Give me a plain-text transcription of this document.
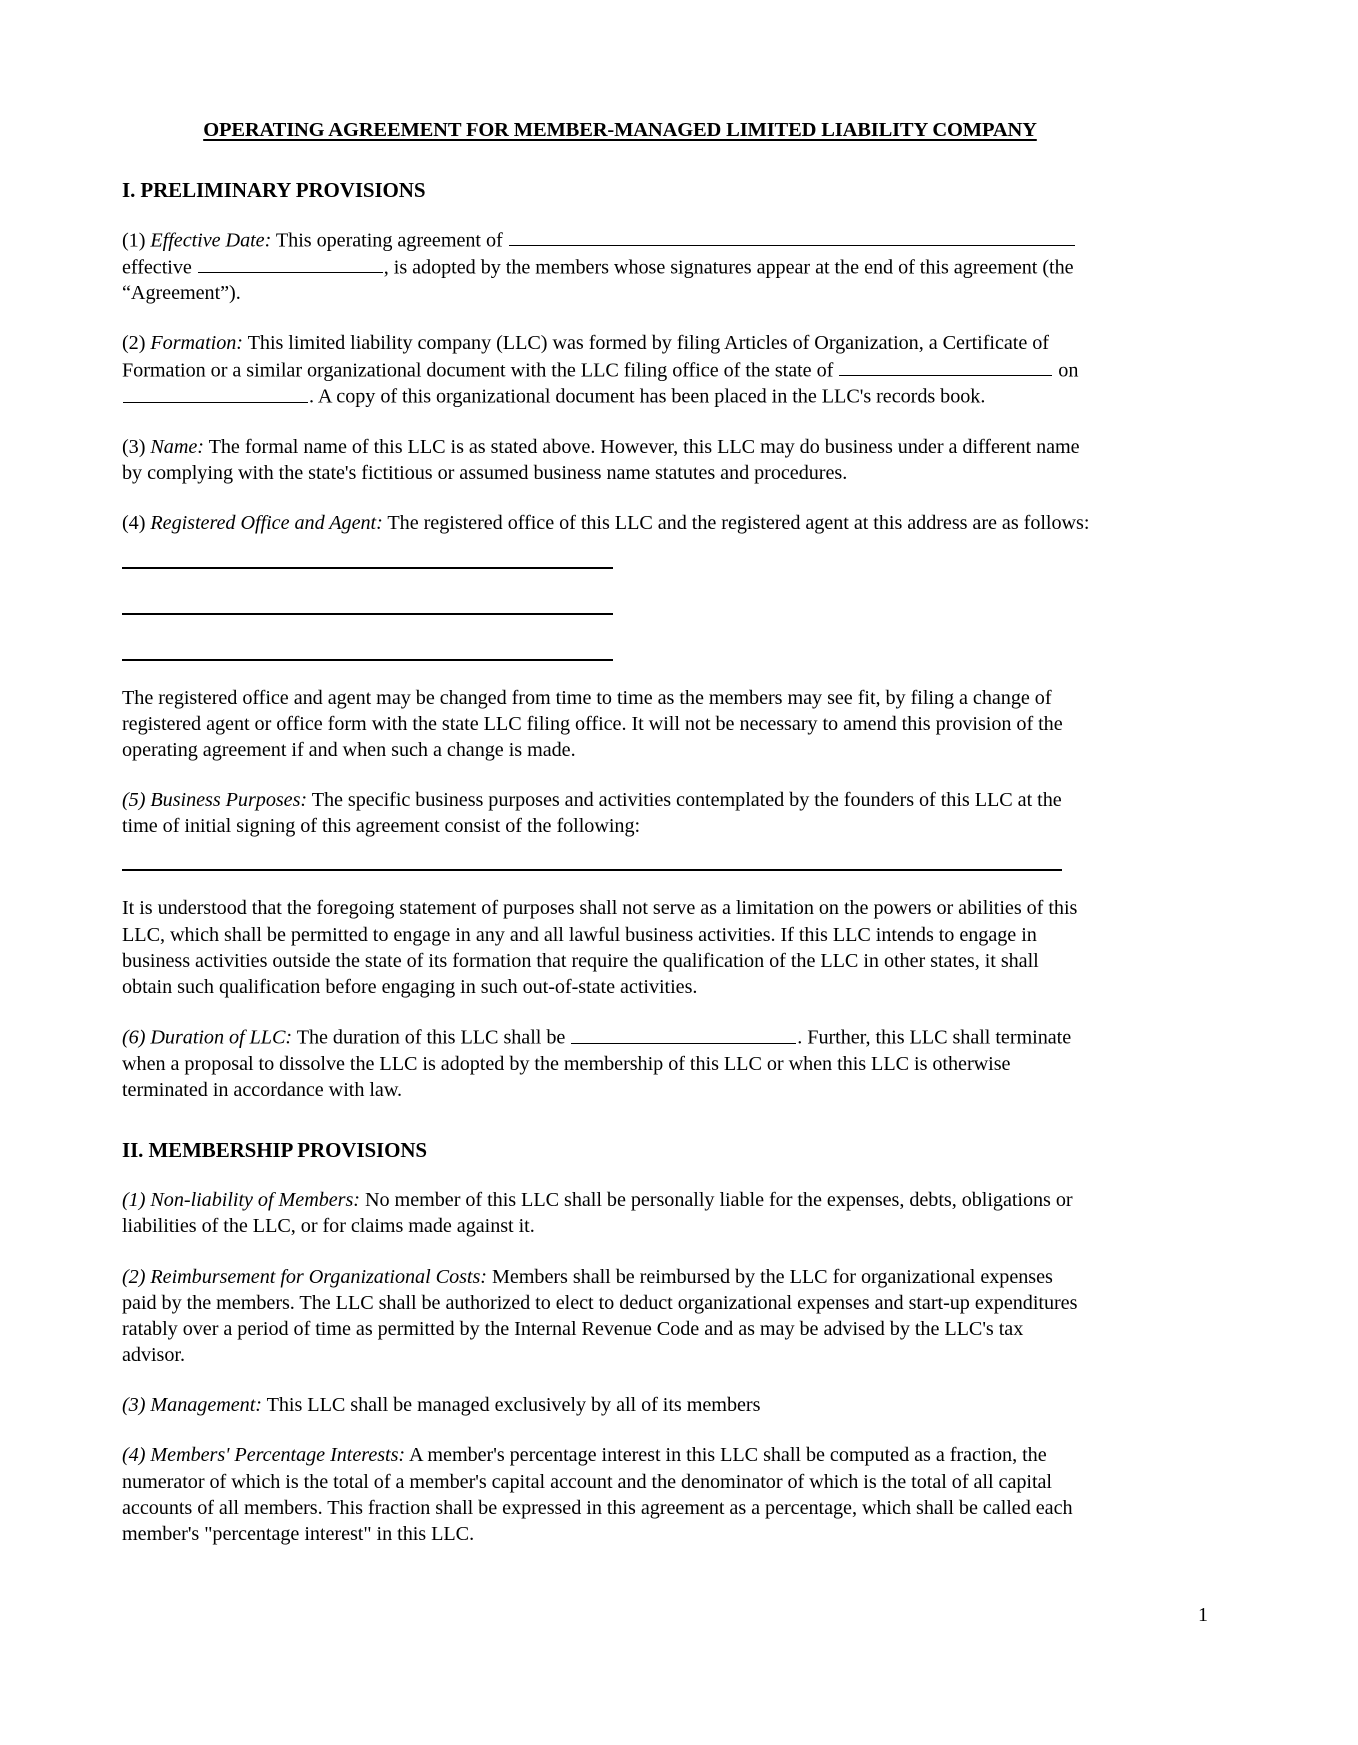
OPERATING AGREEMENT FOR MEMBER-MANAGED LIMITED LIABILITY COMPANY
I. PRELIMINARY PROVISIONS

(1) Effective Date: This operating agreement of
effective	, is adopted by the members whose signatures appear at the end of this agreement (the “Agreement”).

(2) Formation: This limited liability company (LLC) was formed by filing Articles of Organization, a Certificate of Formation or a similar organizational document with the LLC filing office of the state of	on
. A copy of this organizational document has been placed in the LLC's records book.

(3) Name: The formal name of this LLC is as stated above. However, this LLC may do business under a different name by complying with the state's fictitious or assumed business name statutes and procedures.

(4) Registered Office and Agent: The registered office of this LLC and the registered agent at this address are as follows:

The registered office and agent may be changed from time to time as the members may see fit, by filing a change of registered agent or office form with the state LLC filing office. It will not be necessary to amend this provision of the operating agreement if and when such a change is made.

(5) Business Purposes: The specific business purposes and activities contemplated by the founders of this LLC at the time of initial signing of this agreement consist of the following:

It is understood that the foregoing statement of purposes shall not serve as a limitation on the powers or abilities of this LLC, which shall be permitted to engage in any and all lawful business activities. If this LLC intends to engage in business activities outside the state of its formation that require the qualification of the LLC in other states, it shall obtain such qualification before engaging in such out-of-state activities.

(6) Duration of LLC: The duration of this LLC shall be	. Further, this LLC shall terminate when a proposal to dissolve the LLC is adopted by the membership of this LLC or when this LLC is otherwise terminated in accordance with law.

II. MEMBERSHIP PROVISIONS

(1) Non-liability of Members: No member of this LLC shall be personally liable for the expenses, debts, obligations or liabilities of the LLC, or for claims made against it.

(2) Reimbursement for Organizational Costs: Members shall be reimbursed by the LLC for organizational expenses paid by the members. The LLC shall be authorized to elect to deduct organizational expenses and start-up expenditures ratably over a period of time as permitted by the Internal Revenue Code and as may be advised by the LLC's tax advisor.

(3) Management: This LLC shall be managed exclusively by all of its members

(4) Members' Percentage Interests: A member's percentage interest in this LLC shall be computed as a fraction, the numerator of which is the total of a member's capital account and the denominator of which is the total of all capital accounts of all members. This fraction shall be expressed in this agreement as a percentage, which shall be called each member's "percentage interest" in this LLC.

1
